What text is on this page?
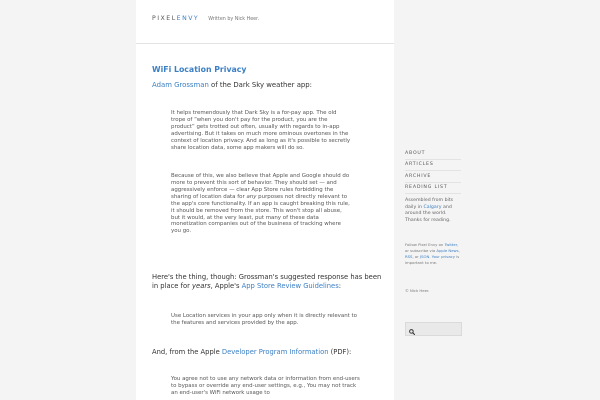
PIXELENVY Written by Nick Heer.
WiFi Location Privacy
Adam Grossman of the Dark Sky weather app:
It helps tremendously that Dark Sky is a for-pay app. The old trope of “when you don't pay for the product, you are the product” gets trotted out often, usually with regards to in-app advertising. But it takes on much more ominous overtones in the context of location privacy. And as long as it's possible to secretly share location data, some app makers will do so.
Because of this, we also believe that Apple and Google should do more to prevent this sort of behavior. They should set — and aggressively enforce — clear App Store rules forbidding the sharing of location data for any purposes not directly relevant to the app's core functionality. If an app is caught breaking this rule, it should be removed from the store. This won't stop all abuse, but it would, at the very least, put many of these data monetization companies out of the business of tracking where you go.
Here's the thing, though: Grossman's suggested response has been in place for years, Apple's App Store Review Guidelines:
Use Location services in your app only when it is directly relevant to the features and services provided by the app.
And, from the Apple Developer Program Information (PDF):
You agree not to use any network data or information from end-users to bypass or override any end-user settings, e.g., You may not track an end-user's WiFi network usage to
ABOUT
ARTICLES
ARCHIVE
READING LIST
Assembled from bits daily in Calgary and around the world. Thanks for reading.
Follow Pixel Envy on Twitter, or subscribe via Apple News, RSS, or JSON. Your privacy is important to me.
© Nick Heer.
